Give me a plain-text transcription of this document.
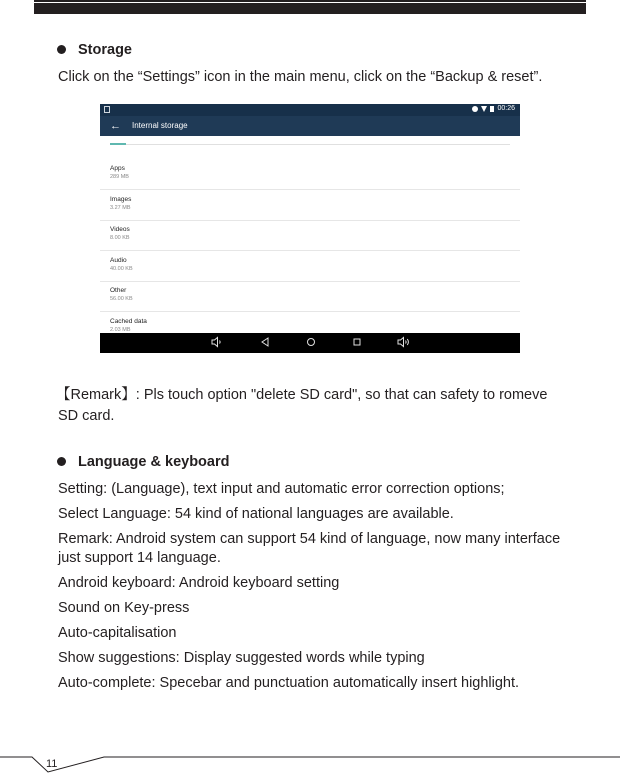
Storage
Click on the “Settings” icon in the main menu, click on the “Backup & reset”.
00:26
← Internal storage
Apps
289 MB
Images
3.27 MB
Videos
8.00 KB
Audio
40.00 KB
Other
56.00 KB
Cached data
2.03 MB
【Remark】: Pls touch option "delete SD card", so that can safety to romeve
SD card.
Language & keyboard
Setting: (Language), text input and automatic error correction options;
Select Language: 54 kind of national languages are available.
Remark: Android system can support 54 kind of language, now many interface
just support 14 language.
Android keyboard: Android keyboard setting
Sound on Key-press
Auto-capitalisation
Show suggestions: Display suggested words while typing
Auto-complete: Specebar and punctuation automatically insert highlight.
11
